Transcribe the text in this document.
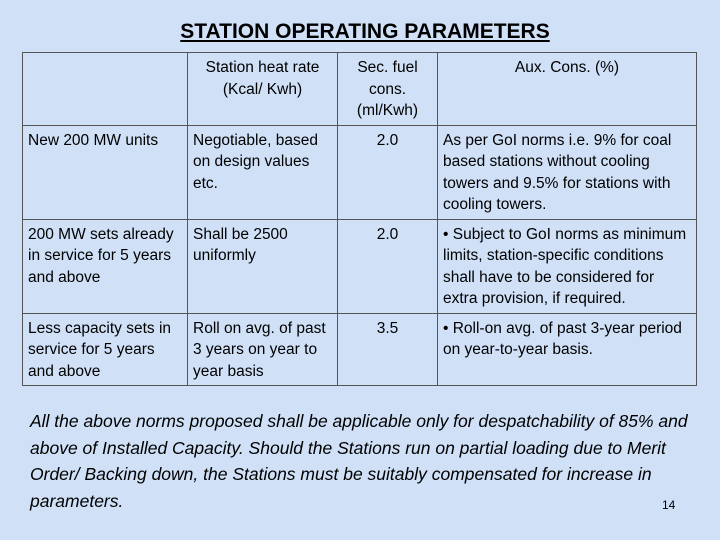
STATION OPERATING PARAMETERS
	Station heat rate (Kcal/ Kwh)	Sec. fuel cons. (ml/Kwh)	Aux. Cons. (%)
New 200 MW units	Negotiable, based on design values etc.	2.0	As per GoI norms i.e. 9% for coal based stations without cooling towers and 9.5% for stations with cooling towers.
200 MW sets already in service for 5 years and above	Shall be 2500 uniformly	2.0	• Subject to GoI norms as minimum limits, station-specific conditions shall have to be considered for extra provision, if required.
Less capacity sets in service for 5 years and above	Roll on avg. of past 3 years on year to year basis	3.5	• Roll-on avg. of past 3-year period on year-to-year basis.
All the above norms proposed shall be applicable only for despatchability of 85% and above of Installed Capacity. Should the Stations run on partial loading due to Merit Order/ Backing down, the Stations must be suitably compensated for increase in parameters.	14
